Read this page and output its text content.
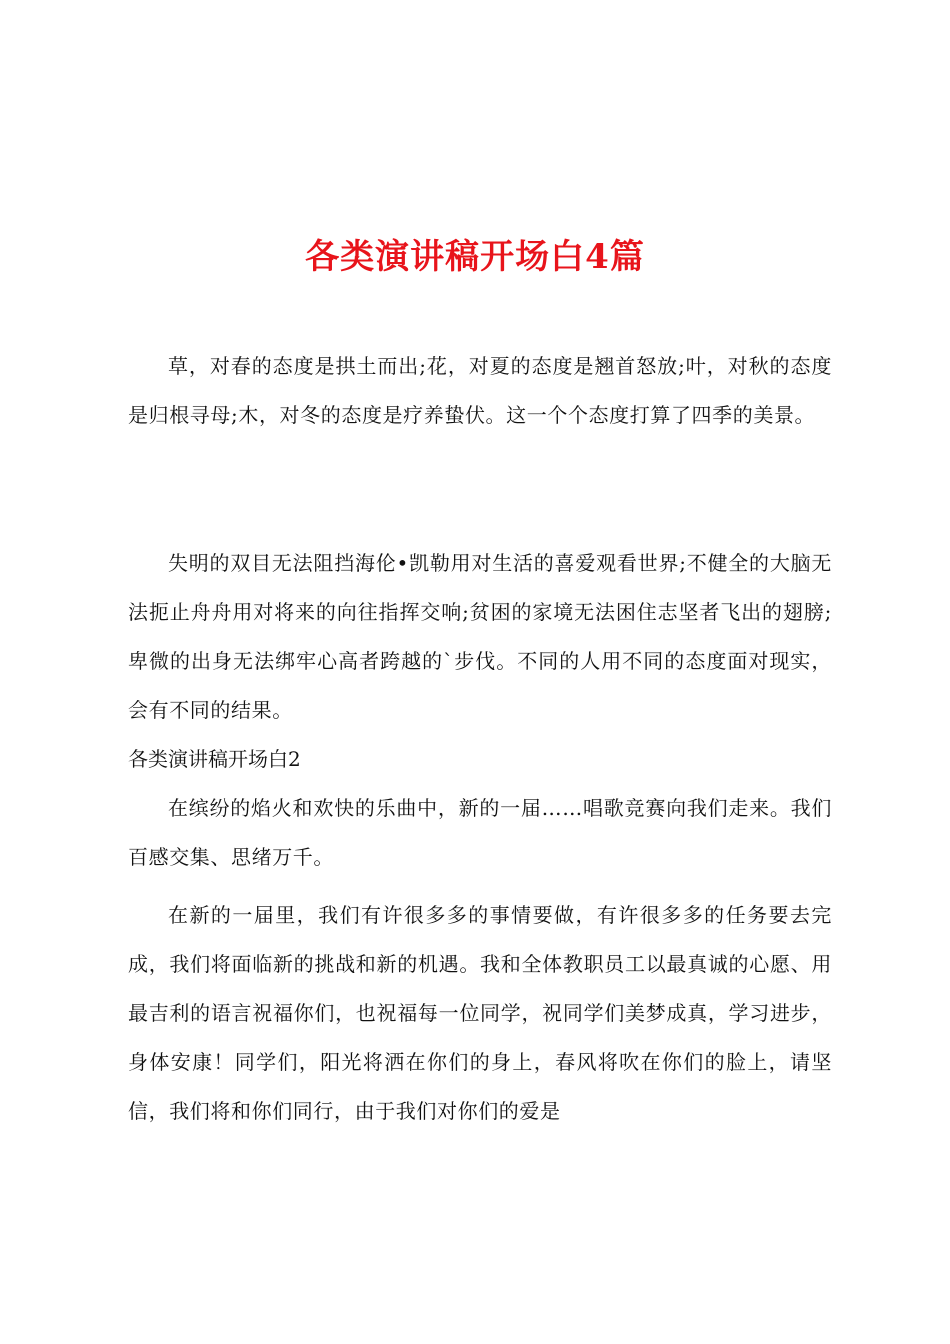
各类演讲稿开场白4篇

草，对春的态度是拱土而出;花，对夏的态度是翘首怒放;叶，对秋的态度是归根寻母;木，对冬的态度是疗养蛰伏。这一个个态度打算了四季的美景。

失明的双目无法阻挡海伦•凯勒用对生活的喜爱观看世界;不健全的大脑无法扼止舟舟用对将来的向往指挥交响;贫困的家境无法困住志坚者飞出的翅膀;卑微的出身无法绑牢心高者跨越的`步伐。不同的人用不同的态度面对现实，会有不同的结果。

各类演讲稿开场白2

在缤纷的焰火和欢快的乐曲中，新的一届……唱歌竞赛向我们走来。我们百感交集、思绪万千。

在新的一届里，我们有许很多多的事情要做，有许很多多的任务要去完成，我们将面临新的挑战和新的机遇。我和全体教职员工以最真诚的心愿、用最吉利的语言祝福你们，也祝福每一位同学，祝同学们美梦成真，学习进步，身体安康！同学们，阳光将洒在你们的身上，春风将吹在你们的脸上，请坚信，我们将和你们同行，由于我们对你们的爱是
